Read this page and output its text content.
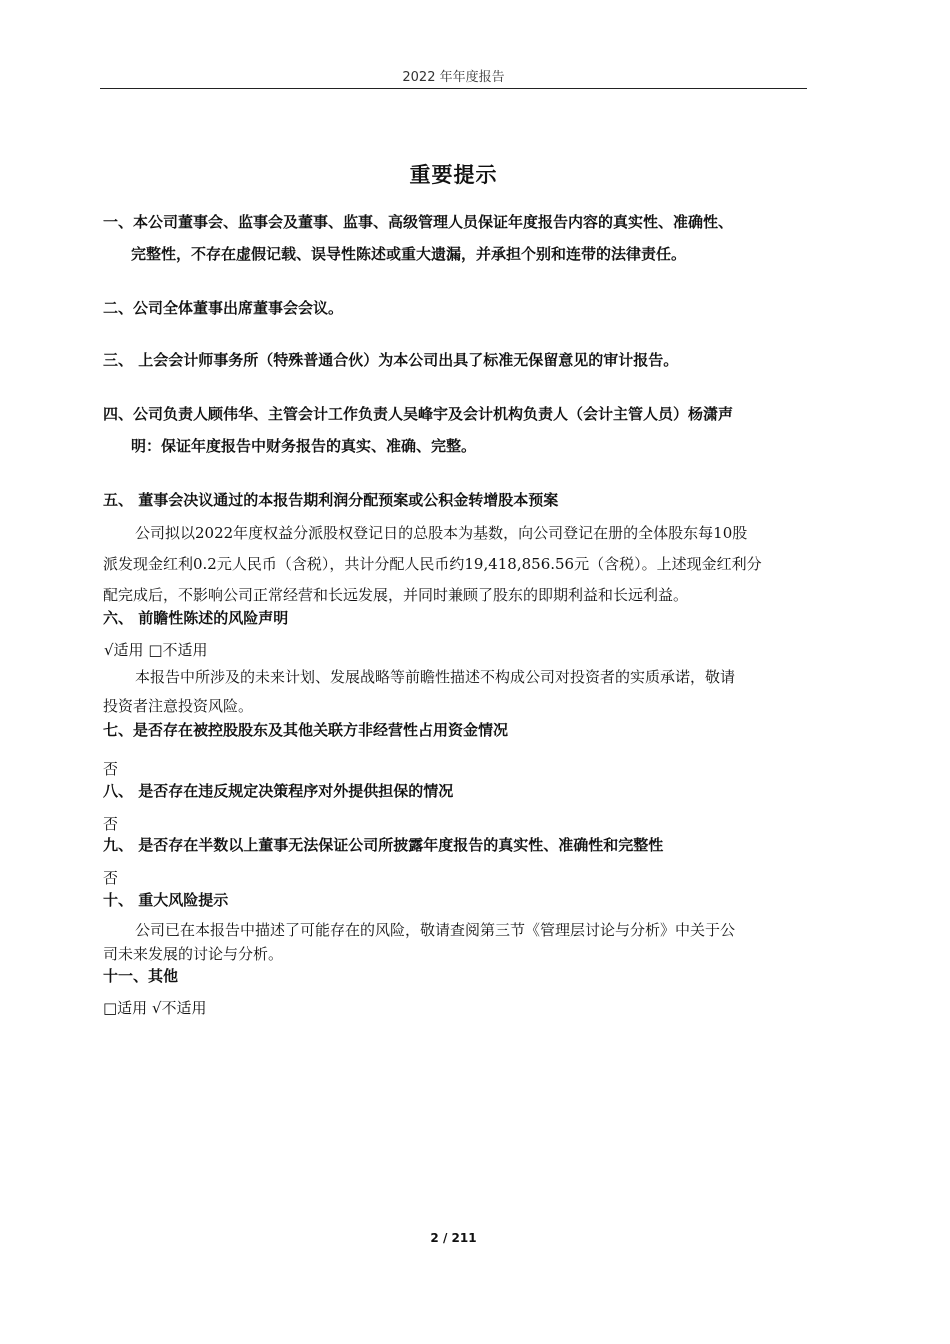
2022 年年度报告
重要提示
一、本公司董事会、监事会及董事、监事、高级管理人员保证年度报告内容的真实性、准确性、
完整性，不存在虚假记载、误导性陈述或重大遗漏，并承担个别和连带的法律责任。
二、公司全体董事出席董事会会议。
三、 上会会计师事务所（特殊普通合伙）为本公司出具了标准无保留意见的审计报告。
四、公司负责人顾伟华、主管会计工作负责人吴峰宇及会计机构负责人（会计主管人员）杨潇声
明：保证年度报告中财务报告的真实、准确、完整。
五、 董事会决议通过的本报告期利润分配预案或公积金转增股本预案
公司拟以2022年度权益分派股权登记日的总股本为基数，向公司登记在册的全体股东每10股
派发现金红利0.2元人民币（含税），共计分配人民币约19,418,856.56元（含税）。上述现金红利分
配完成后，不影响公司正常经营和长远发展，并同时兼顾了股东的即期利益和长远利益。
六、 前瞻性陈述的风险声明
√适用 □不适用
本报告中所涉及的未来计划、发展战略等前瞻性描述不构成公司对投资者的实质承诺，敬请
投资者注意投资风险。
七、是否存在被控股股东及其他关联方非经营性占用资金情况
否
八、 是否存在违反规定决策程序对外提供担保的情况
否
九、 是否存在半数以上董事无法保证公司所披露年度报告的真实性、准确性和完整性
否
十、 重大风险提示
公司已在本报告中描述了可能存在的风险，敬请查阅第三节《管理层讨论与分析》中关于公
司未来发展的讨论与分析。
十一、其他
□适用 √不适用
2 / 211
